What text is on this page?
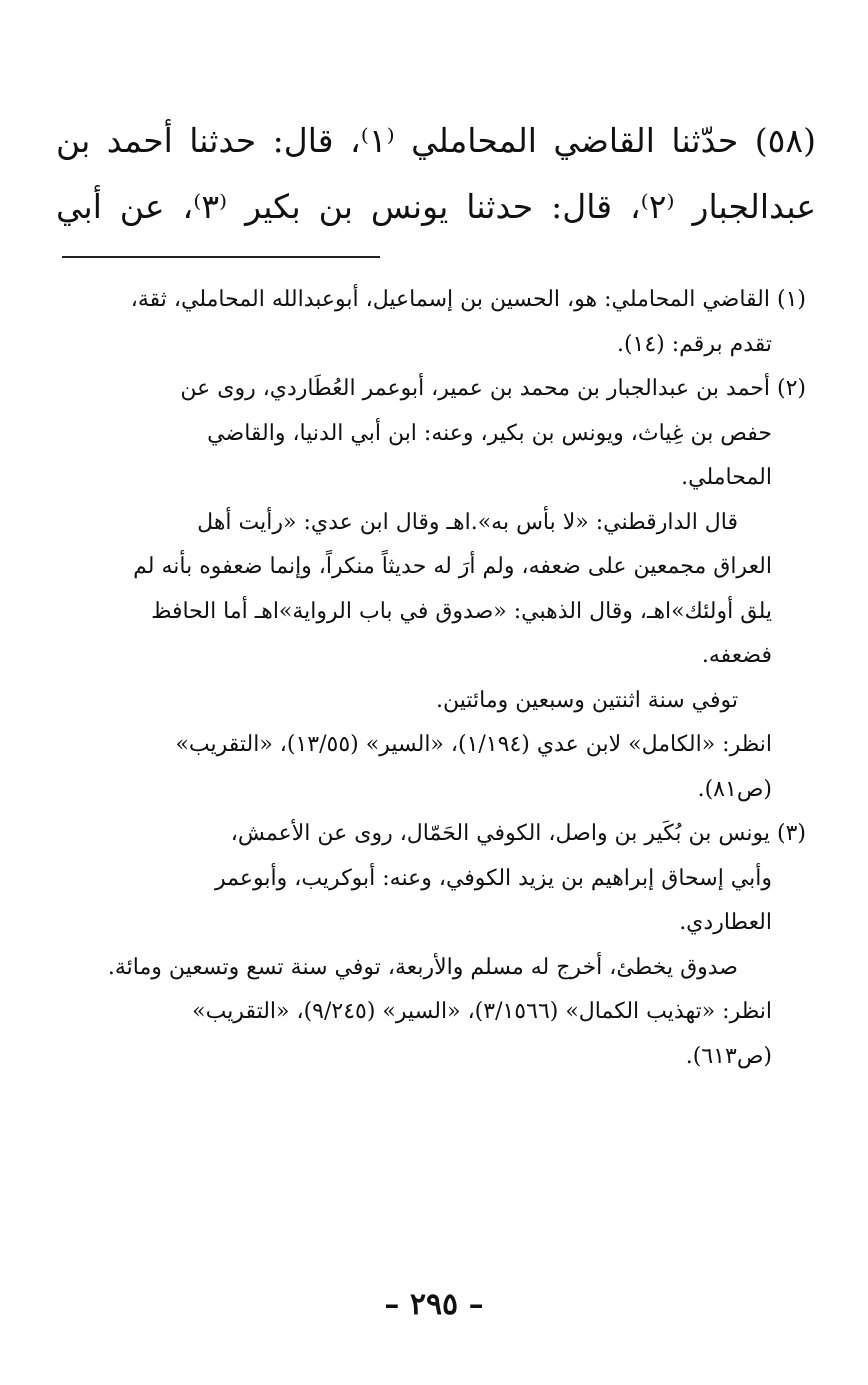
(٥٨) حدّثنا القاضي المحاملي ⁽١⁾، قال: حدثنا أحمد بن
عبدالجبار ⁽٢⁾، قال: حدثنا يونس بن بكير ⁽٣⁾، عن أبي
(١) القاضي المحاملي: هو، الحسين بن إسماعيل، أبوعبدالله المحاملي، ثقة،
تقدم برقم: (١٤).
(٢) أحمد بن عبدالجبار بن محمد بن عمير، أبوعمر العُطَاردي، روى عن
حفص بن غِياث، ويونس بن بكير، وعنه: ابن أبي الدنيا، والقاضي
المحاملي.
قال الدارقطني: «لا بأس به».اهـ وقال ابن عدي: «رأيت أهل
العراق مجمعين على ضعفه، ولم أرَ له حديثاً منكراً، وإنما ضعفوه بأنه لم
يلق أولئك»اهـ، وقال الذهبي: «صدوق في باب الرواية»اهـ أما الحافظ
فضعفه.
توفي سنة اثنتين وسبعين ومائتين.
انظر: «الكامل» لابن عدي (١/١٩٤)، «السير» (١٣/٥٥)، «التقريب»
(ص٨١).
(٣) يونس بن بُكَير بن واصل، الكوفي الحَمّال، روى عن الأعمش،
وأبي إسحاق إبراهيم بن يزيد الكوفي، وعنه: أبوكريب، وأبوعمر
العطاردي.
صدوق يخطئ، أخرج له مسلم والأربعة، توفي سنة تسع وتسعين ومائة.
انظر: «تهذيب الكمال» (٣/١٥٦٦)، «السير» (٩/٢٤٥)، «التقريب»
(ص٦١٣).
– ٢٩٥ –
